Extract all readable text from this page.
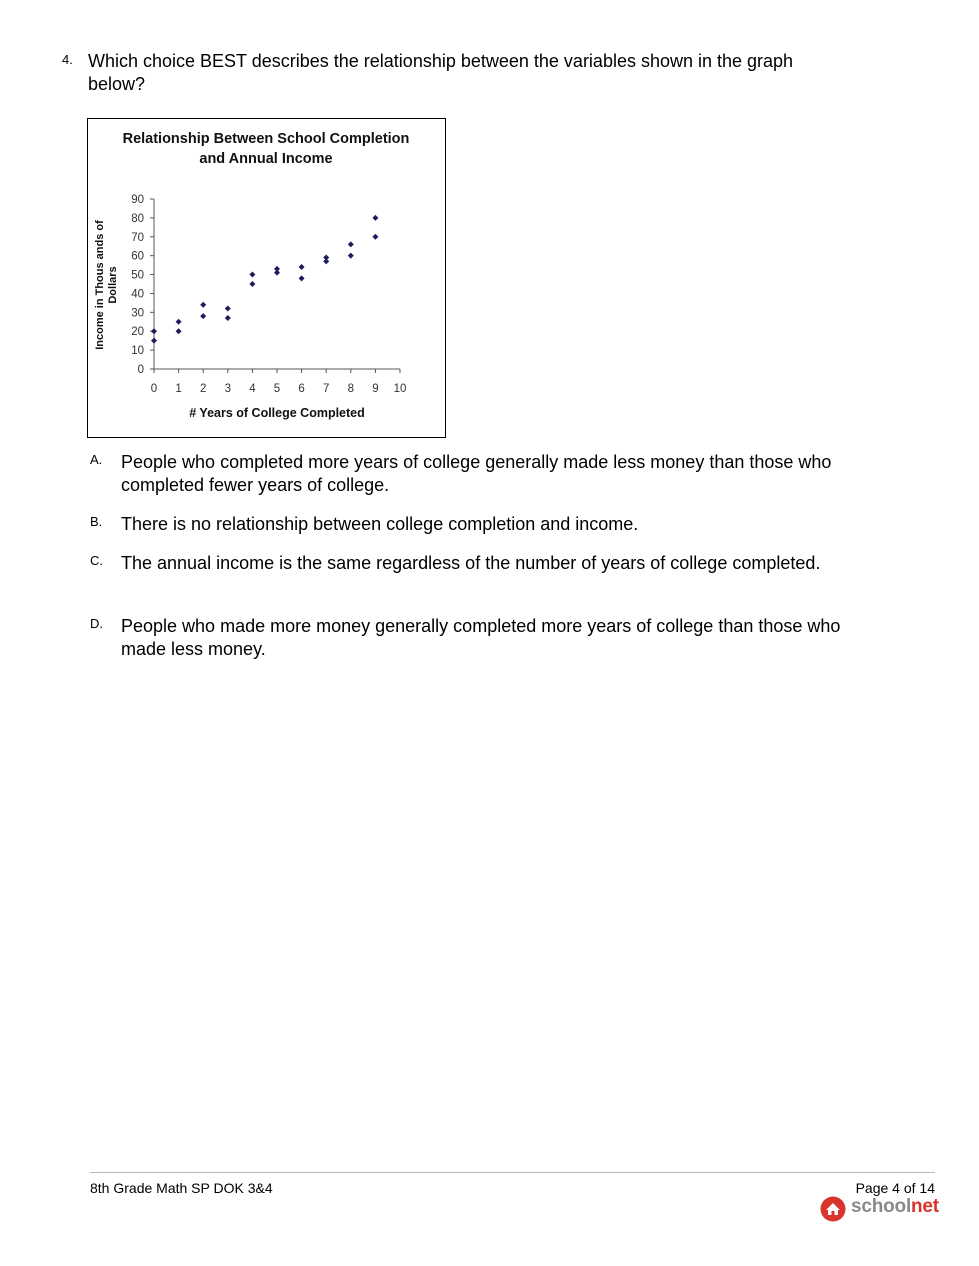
4. Which choice BEST describes the relationship between the variables shown in the graph below?
Relationship Between School Completion
and Annual Income
Income in Thous ands of Dollars
# Years of College Completed
0
10
20
30
40
50
60
70
80
90
0 1 2 3 4 5 6 7 8 9 10
A. People who completed more years of college generally made less money than those who completed fewer years of college.
B. There is no relationship between college completion and income.
C. The annual income is the same regardless of the number of years of college completed.
D. People who made more money generally completed more years of college than those who made less money.
8th Grade Math SP DOK 3&4	Page 4 of 14
schoolnet
